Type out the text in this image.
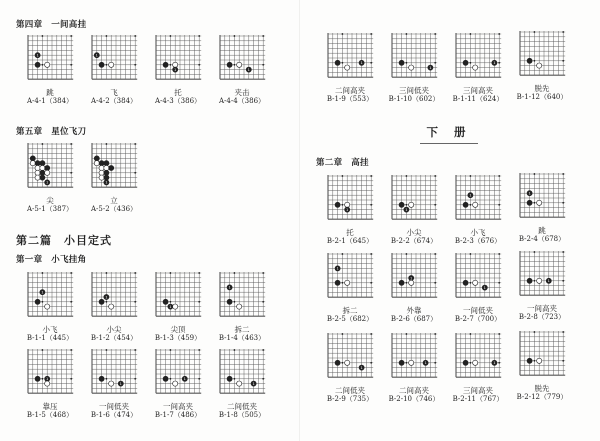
下 册
第四章　一间高挂
第五章　星位飞刀
第二篇　小目定式
第一章　小飞挂角
1
跳
A-4-1（384）
1
飞
A-4-2（384）
1
托
A-4-3（386）
1
夹击
A-4-4（386）
1
尖
A-5-1（387）
1
立
A-5-2（436）
1
小飞
B-1-1（445）
1
小尖
B-1-2（454）
1
尖顶
B-1-3（459）
1
拆二
B-1-4（463）
1
靠压
B-1-5（468）
1
一间低夹
B-1-6（474）
1
一间高夹
B-1-7（486）
1
二间低夹
B-1-8（505）
第二章　高挂
1
二间高夹
B-1-9（553）
1
三间低夹
B-1-10（602）
1
三间高夹
B-1-11（624）
脱先
B-1-12（640）
1
托
B-2-1（645）
1
小尖
B-2-2（674）
1
小飞
B-2-3（676）
1
跳
B-2-4（678）
1
拆二
B-2-5（682）
1
外靠
B-2-6（687）
1
一间低夹
B-2-7（700）
1
一间高夹
B-2-8（723）
1
二间低夹
B-2-9（735）
1
二间高夹
B-2-10（746）
1
三间高夹
B-2-11（767）
脱先
B-2-12（779）
